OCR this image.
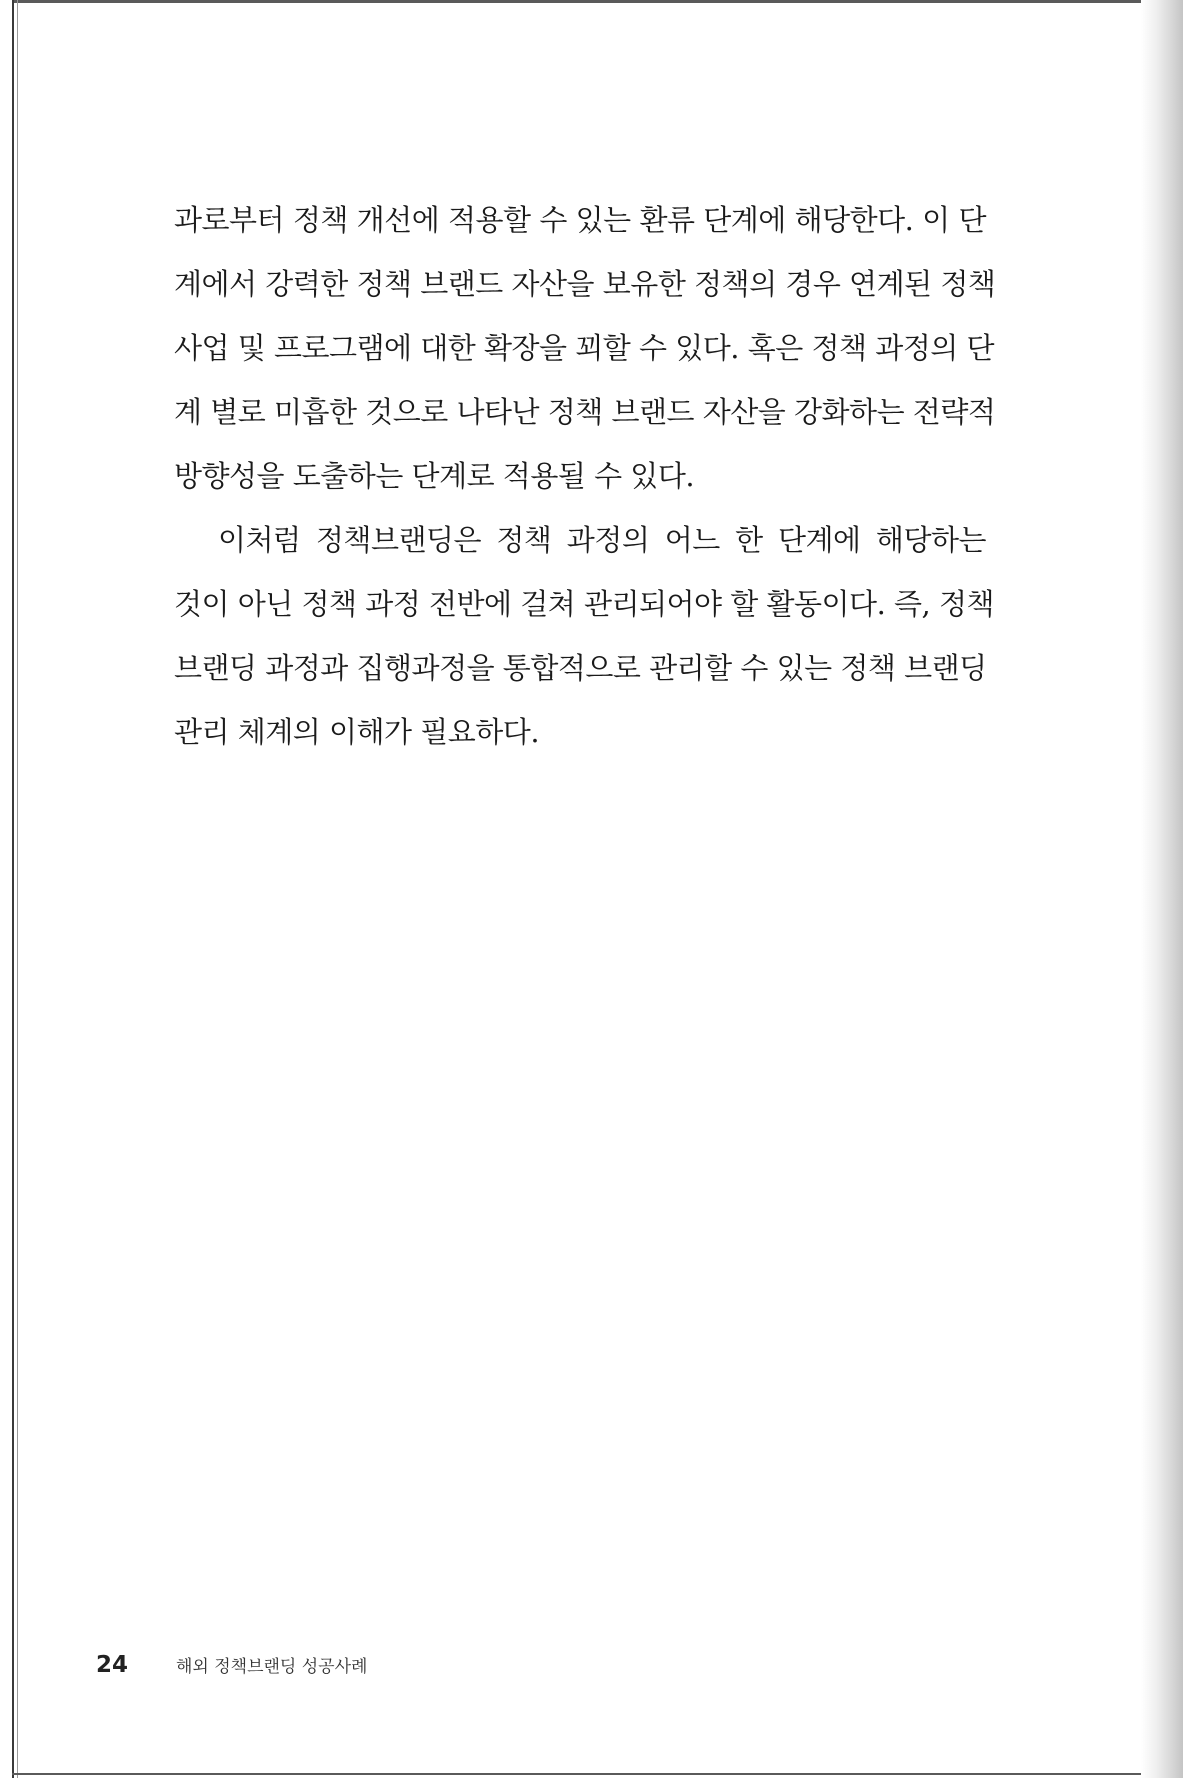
과로부터 정책 개선에 적용할 수 있는 환류 단계에 해당한다. 이 단
계에서 강력한 정책 브랜드 자산을 보유한 정책의 경우 연계된 정책
사업 및 프로그램에 대한 확장을 꾀할 수 있다. 혹은 정책 과정의 단
계 별로 미흡한 것으로 나타난 정책 브랜드 자산을 강화하는 전략적
방향성을 도출하는 단계로 적용될 수 있다.
이처럼 정책브랜딩은 정책 과정의 어느 한 단계에 해당하는
것이 아닌 정책 과정 전반에 걸쳐 관리되어야 할 활동이다. 즉, 정책
브랜딩 과정과 집행과정을 통합적으로 관리할 수 있는 정책 브랜딩
관리 체계의 이해가 필요하다.
24	해외 정책브랜딩 성공사례
